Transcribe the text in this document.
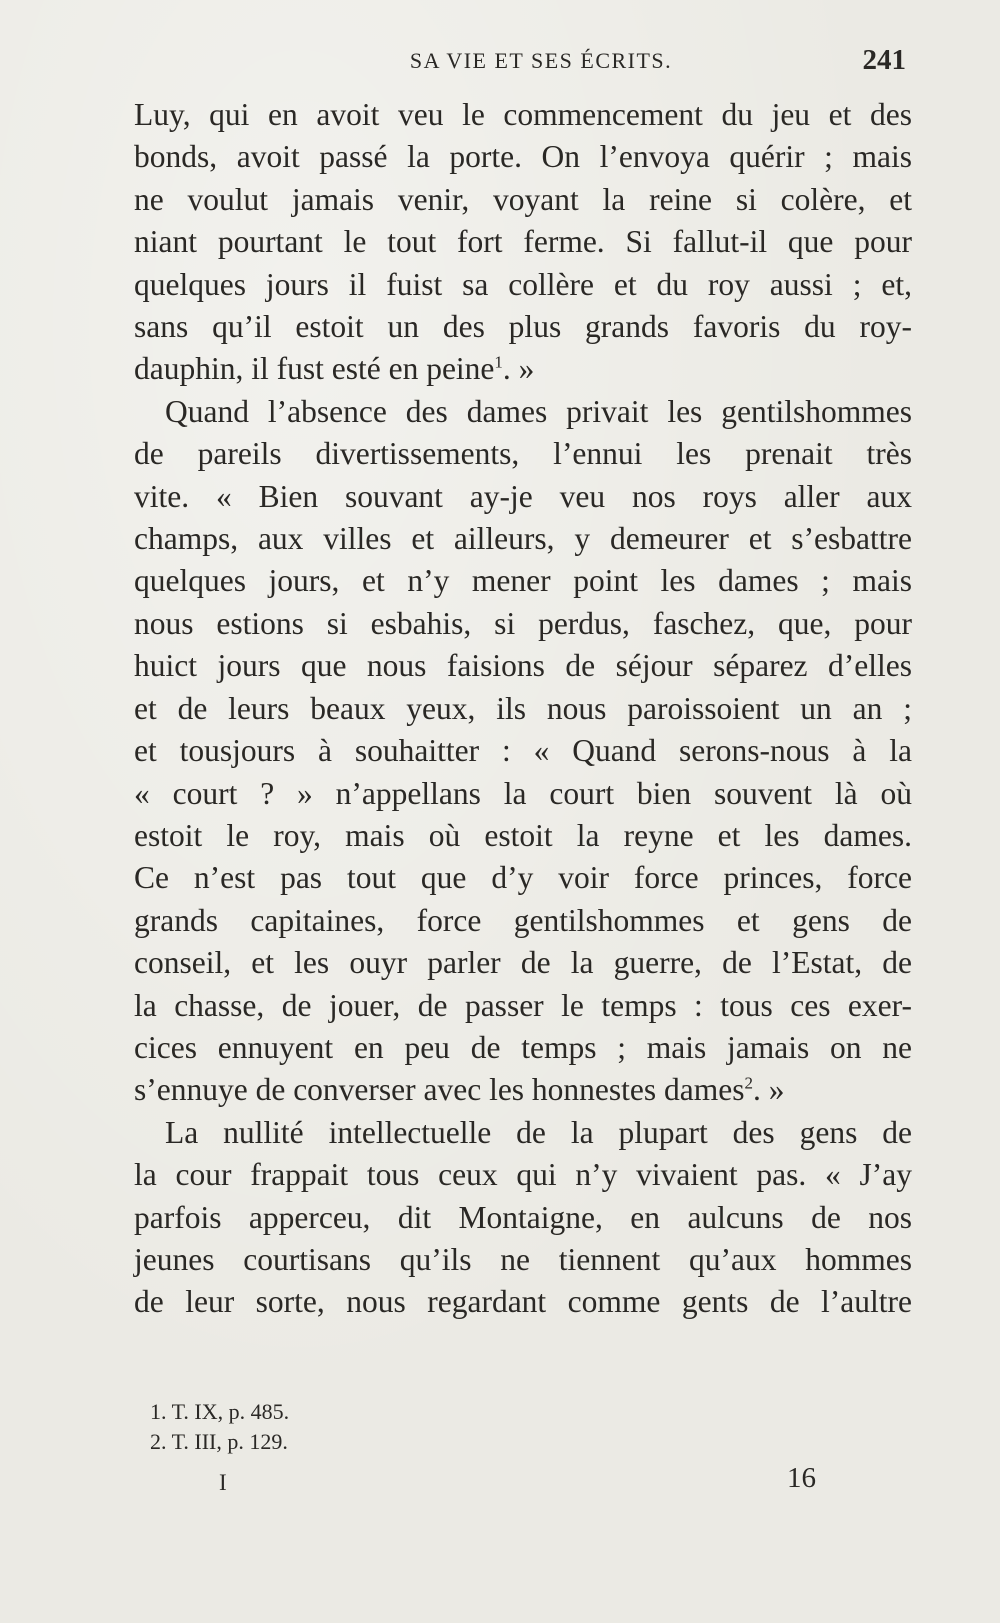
SA VIE ET SES ÉCRITS.	241
Luy, qui en avoit veu le commencement du jeu et des
bonds, avoit passé la porte. On l’envoya quérir ; mais
ne voulut jamais venir, voyant la reine si colère, et
niant pourtant le tout fort ferme. Si fallut-il que pour
quelques jours il fuist sa collère et du roy aussi ; et,
sans qu’il estoit un des plus grands favoris du roy-
dauphin, il fust esté en peine$^1$. »
Quand l’absence des dames privait les gentilshommes
de pareils divertissements, l’ennui les prenait très
vite. « Bien souvant ay-je veu nos roys aller aux
champs, aux villes et ailleurs, y demeurer et s’esbattre
quelques jours, et n’y mener point les dames ; mais
nous estions si esbahis, si perdus, faschez, que, pour
huict jours que nous faisions de séjour séparez d’elles
et de leurs beaux yeux, ils nous paroissoient un an ;
et tousjours à souhaitter : « Quand serons-nous à la
« court ? » n’appellans la court bien souvent là où
estoit le roy, mais où estoit la reyne et les dames.
Ce n’est pas tout que d’y voir force princes, force
grands capitaines, force gentilshommes et gens de
conseil, et les ouyr parler de la guerre, de l’Estat, de
la chasse, de jouer, de passer le temps : tous ces exer-
cices ennuyent en peu de temps ; mais jamais on ne
s’ennuye de converser avec les honnestes dames$^2$. »
La nullité intellectuelle de la plupart des gens de
la cour frappait tous ceux qui n’y vivaient pas. « J’ay
parfois apperceu, dit Montaigne, en aulcuns de nos
jeunes courtisans qu’ils ne tiennent qu’aux hommes
de leur sorte, nous regardant comme gents de l’aultre
1. T. IX, p. 485.
2. T. III, p. 129.
I	16
